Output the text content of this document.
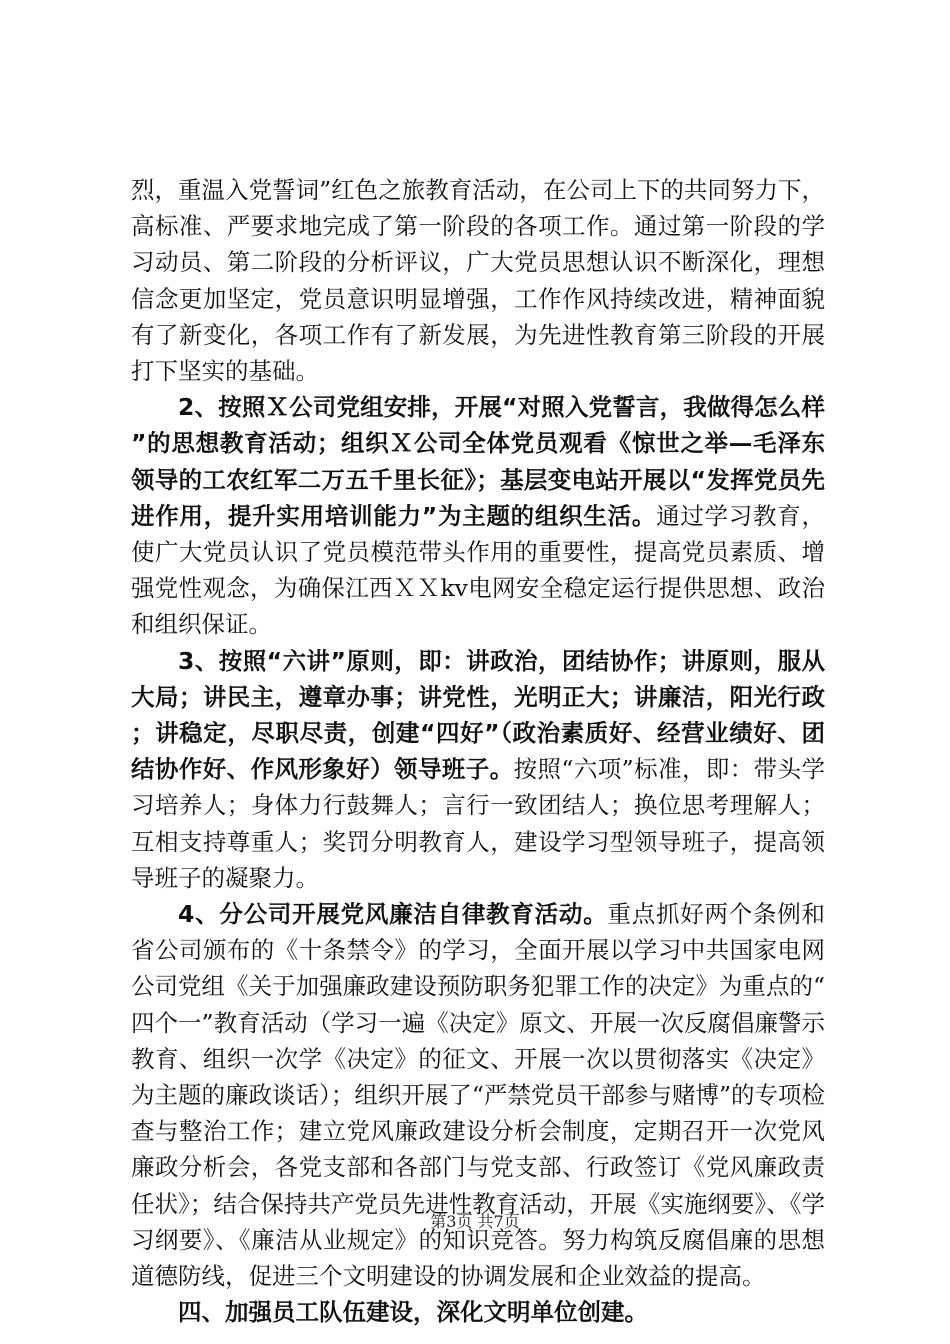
烈，重温入党誓词”红色之旅教育活动，在公司上下的共同努力下，高标准、严要求地完成了第一阶段的各项工作。通过第一阶段的学习动员、第二阶段的分析评议，广大党员思想认识不断深化，理想信念更加坚定，党员意识明显增强，工作作风持续改进，精神面貌有了新变化，各项工作有了新发展，为先进性教育第三阶段的开展打下坚实的基础。

2、按照Ｘ公司党组安排，开展“对照入党誓言，我做得怎么样”的思想教育活动；组织Ｘ公司全体党员观看《惊世之举—毛泽东领导的工农红军二万五千里长征》；基层变电站开展以“发挥党员先进作用，提升实用培训能力”为主题的组织生活。通过学习教育，使广大党员认识了党员模范带头作用的重要性，提高党员素质、增强党性观念，为确保江西ＸＸkv电网安全稳定运行提供思想、政治和组织保证。

3、按照“六讲”原则，即：讲政治，团结协作；讲原则，服从大局；讲民主，遵章办事；讲党性，光明正大；讲廉洁，阳光行政；讲稳定，尽职尽责，创建“四好”（政治素质好、经营业绩好、团结协作好、作风形象好）领导班子。按照“六项”标准，即：带头学习培养人；身体力行鼓舞人；言行一致团结人；换位思考理解人；互相支持尊重人；奖罚分明教育人，建设学习型领导班子，提高领导班子的凝聚力。

4、分公司开展党风廉洁自律教育活动。重点抓好两个条例和省公司颁布的《十条禁令》的学习，全面开展以学习中共国家电网公司党组《关于加强廉政建设预防职务犯罪工作的决定》为重点的“四个一”教育活动（学习一遍《决定》原文、开展一次反腐倡廉警示教育、组织一次学《决定》的征文、开展一次以贯彻落实《决定》为主题的廉政谈话）；组织开展了“严禁党员干部参与赌博”的专项检查与整治工作；建立党风廉政建设分析会制度，定期召开一次党风廉政分析会，各党支部和各部门与党支部、行政签订《党风廉政责任状》；结合保持共产党员先进性教育活动，开展《实施纲要》、《学习纲要》、《廉洁从业规定》的知识竞答。努力构筑反腐倡廉的思想道德防线，促进三个文明建设的协调发展和企业效益的提高。

四、加强员工队伍建设，深化文明单位创建。

第3页 共7页
